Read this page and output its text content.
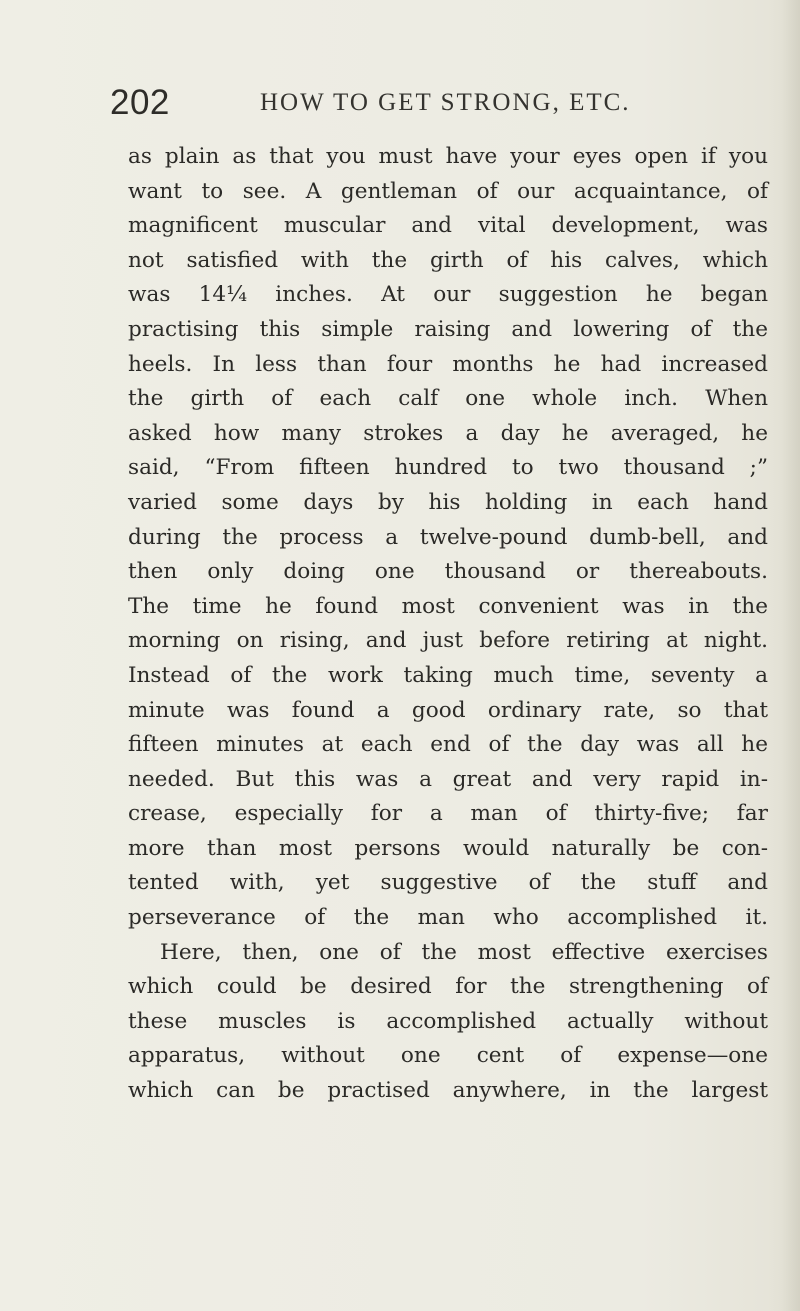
202	HOW TO GET STRONG, ETC.
as plain as that you must have your eyes open if you
want to see. A gentleman of our acquaintance, of
magnificent muscular and vital development, was
not satisfied with the girth of his calves, which
was 14¼ inches. At our suggestion he began
practising this simple raising and lowering of the
heels. In less than four months he had increased
the girth of each calf one whole inch. When
asked how many strokes a day he averaged, he
said, “From fifteen hundred to two thousand ;”
varied some days by his holding in each hand
during the process a twelve-pound dumb-bell, and
then only doing one thousand or thereabouts.
The time he found most convenient was in the
morning on rising, and just before retiring at night.
Instead of the work taking much time, seventy a
minute was found a good ordinary rate, so that
fifteen minutes at each end of the day was all he
needed. But this was a great and very rapid in-
crease, especially for a man of thirty-five; far
more than most persons would naturally be con-
tented with, yet suggestive of the stuff and
perseverance of the man who accomplished it.
Here, then, one of the most effective exercises
which could be desired for the strengthening of
these muscles is accomplished actually without
apparatus, without one cent of expense—one
which can be practised anywhere, in the largest
